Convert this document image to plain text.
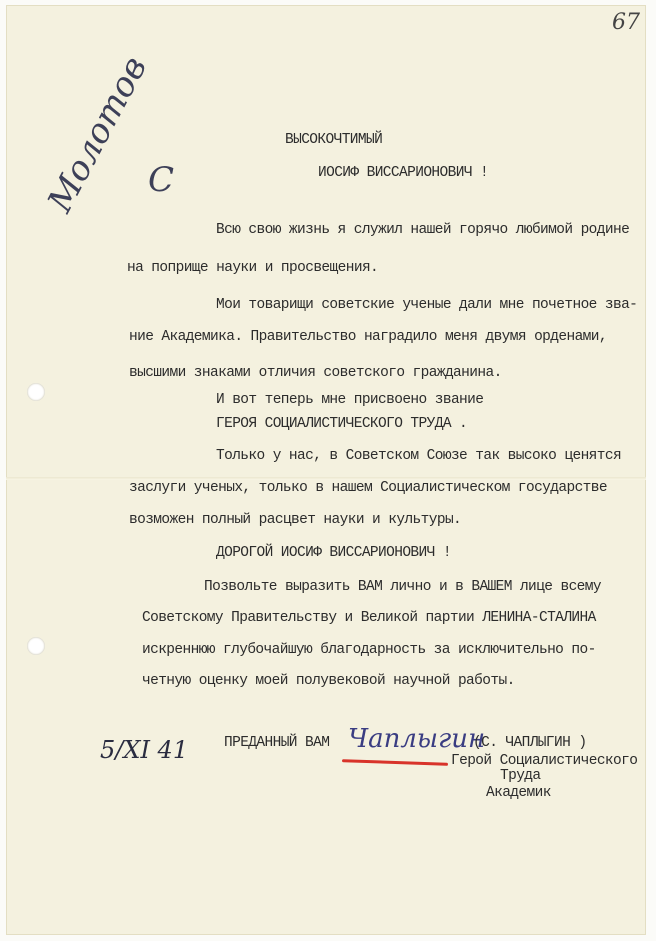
67
Молотов
С
ВЫСОКОЧТИМЫЙ
ИОСИФ ВИССАРИОНОВИЧ !
Всю свою жизнь я служил нашей горячо любимой родине
на поприще науки и просвещения.
Мои товарищи советские ученые дали мне почетное зва-
ние Академика. Правительство наградило меня двумя орденами,
высшими знаками отличия советского гражданина.
И вот теперь мне присвоено звание
ГЕРОЯ СОЦИАЛИСТИЧЕСКОГО ТРУДА .
Только у нас, в Советском Союзе так высоко ценятся
заслуги ученых, только в нашем Социалистическом государстве
возможен полный расцвет науки и культуры.
ДОРОГОЙ ИОСИФ ВИССАРИОНОВИЧ !
Позвольте выразить ВАМ лично и в ВАШЕМ лице всему
Советскому Правительству и Великой партии ЛЕНИНА-СТАЛИНА
искреннюю глубочайшую благодарность за исключительно по-
четную оценку моей полувековой научной работы.
5/XI 41 ПРЕДАННЫЙ ВАМ Чаплыгин
(С. ЧАПЛЫГИН )
Герой Социалистического
Труда
Академик
